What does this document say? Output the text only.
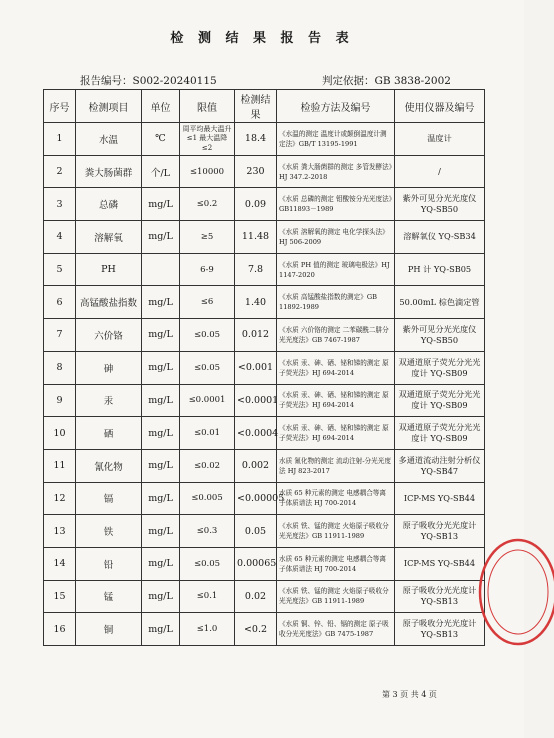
检 测 结 果 报 告 表
报告编号：S002-20240115	判定依据：GB 3838-2002
序号	检测项目	单位	限值	检测结果	检验方法及编号	使用仪器及编号
1	水温	℃	周平均最大温升≤1 最大温降≤2	18.4	《水温的测定 温度计或颠倒温度计测定法》GB/T 13195-1991	温度计
2	粪大肠菌群	个/L	≤10000	230	《水质 粪大肠菌群的测定 多管发酵法》HJ 347.2-2018	/
3	总磷	mg/L	≤0.2	0.09	《水质 总磷的测定 钼酸铵分光光度法》GB11893－1989	紫外可见分光光度仪 YQ-SB50
4	溶解氧	mg/L	≥5	11.48	《水质 溶解氧的测定 电化学探头法》HJ 506-2009	溶解氧仪 YQ-SB34
5	PH		6-9	7.8	《水质 PH 值的测定 玻璃电极法》HJ 1147-2020	PH 计 YQ-SB05
6	高锰酸盐指数	mg/L	≤6	1.40	《水质 高锰酸盐指数的测定》GB 11892-1989	50.00mL 棕色滴定管
7	六价铬	mg/L	≤0.05	0.012	《水质 六价铬的测定 二苯碳酰二肼分光光度法》GB 7467-1987	紫外可见分光光度仪 YQ-SB50
8	砷	mg/L	≤0.05	<0.001	《水质 汞、砷、硒、铋和锑的测定 原子荧光法》HJ 694-2014	双通道原子荧光分光光度计 YQ-SB09
9	汞	mg/L	≤0.0001	<0.0001	《水质 汞、砷、硒、铋和锑的测定 原子荧光法》HJ 694-2014	双通道原子荧光分光光度计 YQ-SB09
10	硒	mg/L	≤0.01	<0.0004	《水质 汞、砷、硒、铋和锑的测定 原子荧光法》HJ 694-2014	双通道原子荧光分光光度计 YQ-SB09
11	氰化物	mg/L	≤0.02	0.002	水质 氰化物的测定 流动注射-分光光度法 HJ 823-2017	多通道流动注射分析仪 YQ-SB47
12	镉	mg/L	≤0.005	<0.00005	水质 65 种元素的测定 电感耦合等离子体质谱法 HJ 700-2014	ICP-MS YQ-SB44
13	铁	mg/L	≤0.3	0.05	《水质 铁、锰的测定 火焰原子吸收分光光度法》GB 11911-1989	原子吸收分光光度计 YQ-SB13
14	铅	mg/L	≤0.05	0.00065	水质 65 种元素的测定 电感耦合等离子体质谱法 HJ 700-2014	ICP-MS YQ-SB44
15	锰	mg/L	≤0.1	0.02	《水质 铁、锰的测定 火焰原子吸收分光光度法》GB 11911-1989	原子吸收分光光度计 YQ-SB13
16	铜	mg/L	≤1.0	<0.2	《水质 铜、锌、铅、镉的测定 原子吸收分光光度法》GB 7475-1987	原子吸收分光光度计 YQ-SB13
第 3 页 共 4 页
